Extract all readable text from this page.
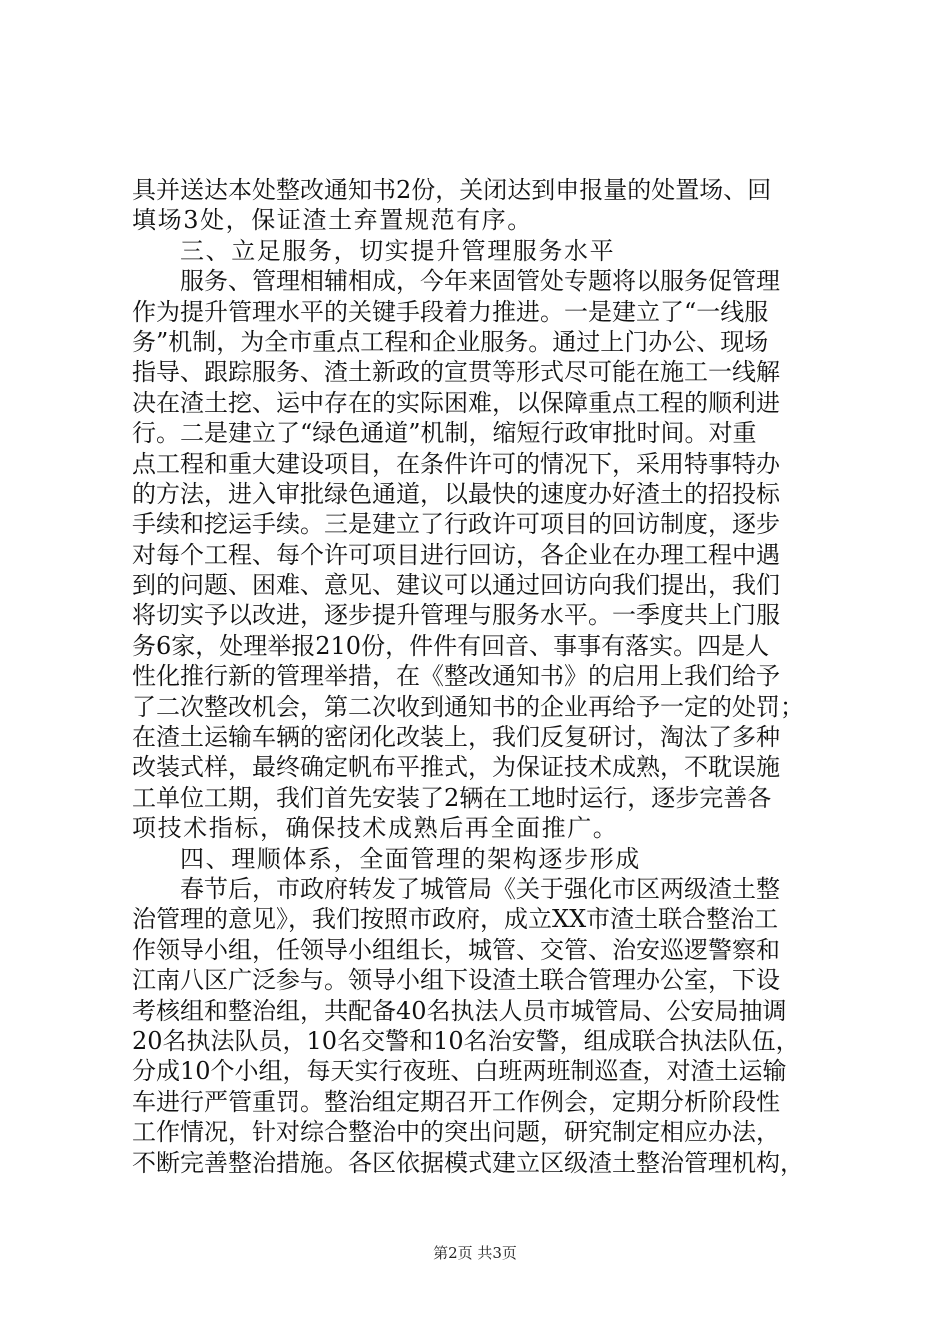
具并送达本处整改通知书2份，关闭达到申报量的处置场、回
填场3处，保证渣土弃置规范有序。
三、立足服务，切实提升管理服务水平
服务、管理相辅相成，今年来固管处专题将以服务促管理
作为提升管理水平的关键手段着力推进。一是建立了“一线服
务”机制，为全市重点工程和企业服务。通过上门办公、现场
指导、跟踪服务、渣土新政的宣贯等形式尽可能在施工一线解
决在渣土挖、运中存在的实际困难，以保障重点工程的顺利进
行。二是建立了“绿色通道”机制，缩短行政审批时间。对重
点工程和重大建设项目，在条件许可的情况下，采用特事特办
的方法，进入审批绿色通道，以最快的速度办好渣土的招投标
手续和挖运手续。三是建立了行政许可项目的回访制度，逐步
对每个工程、每个许可项目进行回访，各企业在办理工程中遇
到的问题、困难、意见、建议可以通过回访向我们提出，我们
将切实予以改进，逐步提升管理与服务水平。一季度共上门服
务6家，处理举报210份，件件有回音、事事有落实。四是人
性化推行新的管理举措，在《整改通知书》的启用上我们给予
了二次整改机会，第二次收到通知书的企业再给予一定的处罚；
在渣土运输车辆的密闭化改装上，我们反复研讨，淘汰了多种
改装式样，最终确定帆布平推式，为保证技术成熟，不耽误施
工单位工期，我们首先安装了2辆在工地时运行，逐步完善各
项技术指标，确保技术成熟后再全面推广。
四、理顺体系，全面管理的架构逐步形成
春节后，市政府转发了城管局《关于强化市区两级渣土整
治管理的意见》，我们按照市政府，成立XX市渣土联合整治工
作领导小组，任领导小组组长，城管、交管、治安巡逻警察和
江南八区广泛参与。领导小组下设渣土联合管理办公室，下设
考核组和整治组，共配备40名执法人员市城管局、公安局抽调
20名执法队员，10名交警和10名治安警，组成联合执法队伍，
分成10个小组，每天实行夜班、白班两班制巡查，对渣土运输
车进行严管重罚。整治组定期召开工作例会，定期分析阶段性
工作情况，针对综合整治中的突出问题，研究制定相应办法，
不断完善整治措施。各区依据模式建立区级渣土整治管理机构，
第2页 共3页
